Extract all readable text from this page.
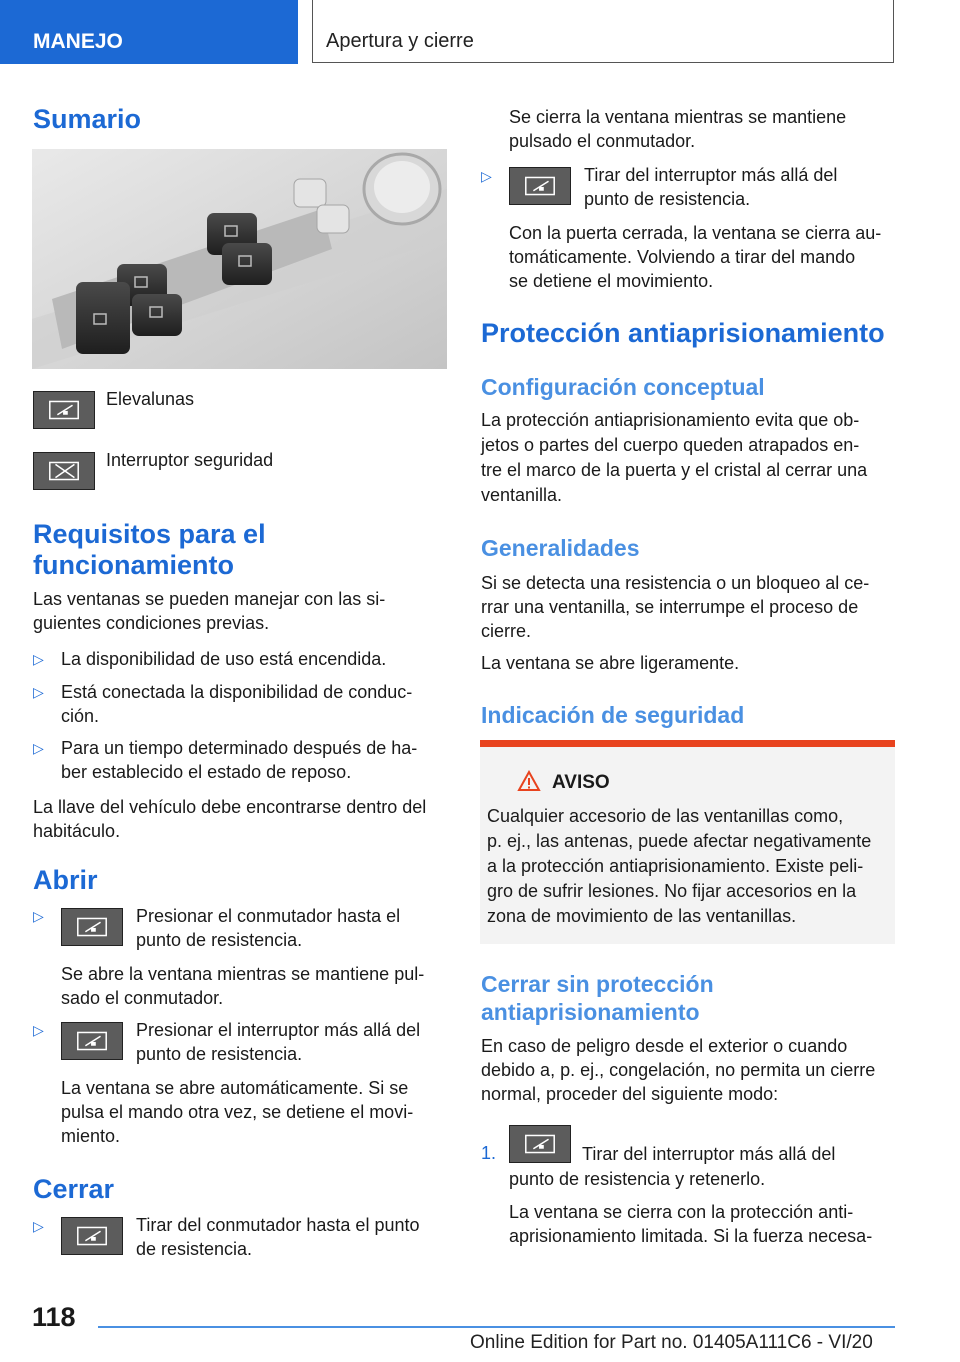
MANEJO	Apertura y cierre
Sumario

Elevalunas

Interruptor seguridad

Requisitos para el
funcionamiento

Las ventanas se pueden manejar con las si-

guientes condiciones previas.

▷ La disponibilidad de uso está encendida.

▷ Está conectada la disponibilidad de conduc-

ción.

▷ Para un tiempo determinado después de ha-

ber establecido el estado de reposo.

La llave del vehículo debe encontrarse dentro del

habitáculo.

Abrir
▷	Presionar el conmutador hasta el

punto de resistencia.

Se abre la ventana mientras se mantiene pul-

sado el conmutador.

▷	Presionar el interruptor más allá del

punto de resistencia.

La ventana se abre automáticamente. Si se

pulsa el mando otra vez, se detiene el movi-

miento.

Cerrar
▷	Tirar del conmutador hasta el punto

de resistencia.

Se cierra la ventana mientras se mantiene

pulsado el conmutador.

▷	Tirar del interruptor más allá del

punto de resistencia.

Con la puerta cerrada, la ventana se cierra au-

tomáticamente. Volviendo a tirar del mando

se detiene el movimiento.

Protección antiaprisionamiento
Configuración conceptual

La protección antiaprisionamiento evita que ob-

jetos o partes del cuerpo queden atrapados en-

tre el marco de la puerta y el cristal al cerrar una

ventanilla.

Generalidades

Si se detecta una resistencia o un bloqueo al ce-

rrar una ventanilla, se interrumpe el proceso de

cierre.

La ventana se abre ligeramente.

Indicación de seguridad
AVISO

Cualquier accesorio de las ventanillas como,

p. ej., las antenas, puede afectar negativamente

a la protección antiaprisionamiento. Existe peli-

gro de sufrir lesiones. No fijar accesorios en la

zona de movimiento de las ventanillas.

Cerrar sin protección
antiaprisionamiento

En caso de peligro desde el exterior o cuando

debido a, p. ej., congelación, no permita un cierre

normal, proceder del siguiente modo:

1.	Tirar del interruptor más allá del

punto de resistencia y retenerlo.

La ventana se cierra con la protección anti-

aprisionamiento limitada. Si la fuerza necesa-

118
Online Edition for Part no. 01405A111C6 - VI/20
